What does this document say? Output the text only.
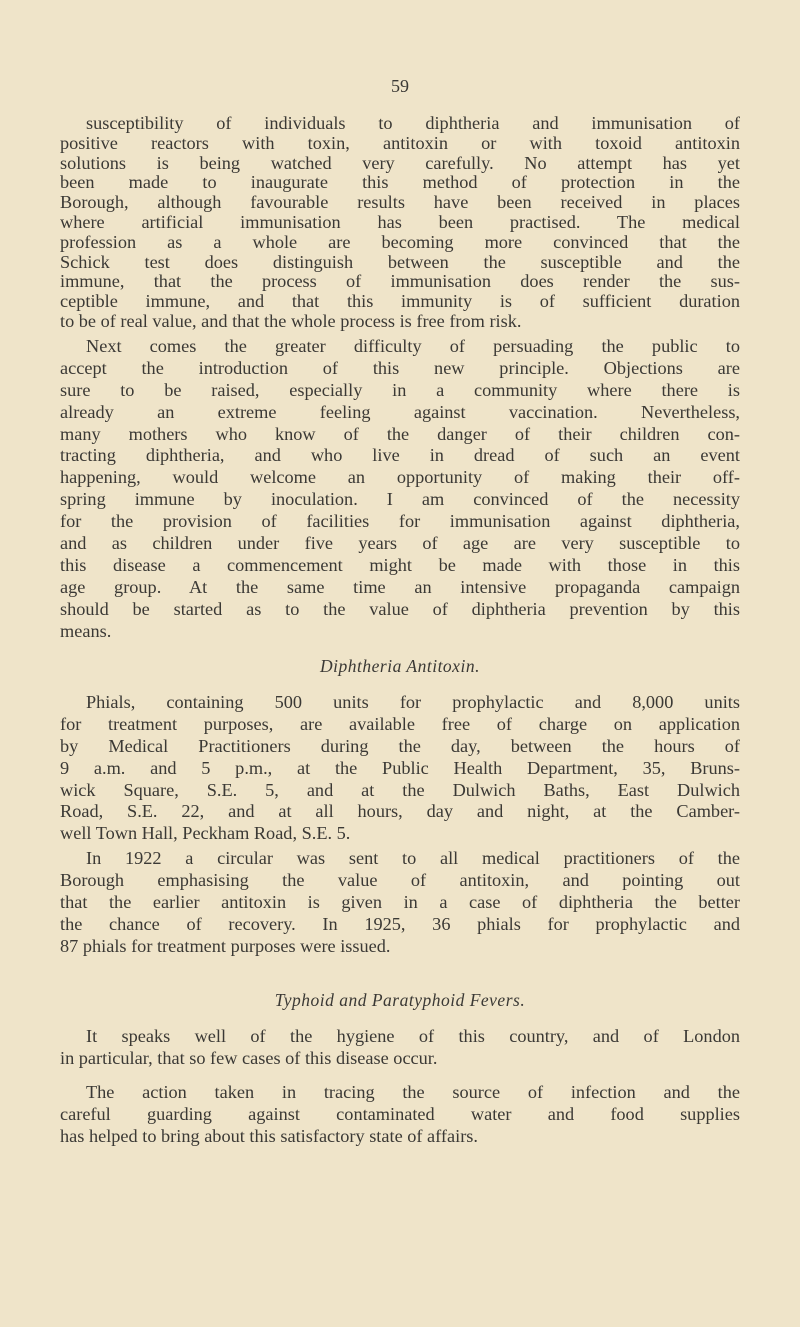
59
susceptibility of individuals to diphtheria and immunisation of
positive reactors with toxin, antitoxin or with toxoid antitoxin
solutions is being watched very carefully. No attempt has yet
been made to inaugurate this method of protection in the
Borough, although favourable results have been received in places
where artificial immunisation has been practised. The medical
profession as a whole are becoming more convinced that the
Schick test does distinguish between the susceptible and the
immune, that the process of immunisation does render the sus-
ceptible immune, and that this immunity is of sufficient duration
to be of real value, and that the whole process is free from risk.
Next comes the greater difficulty of persuading the public to
accept the introduction of this new principle. Objections are
sure to be raised, especially in a community where there is
already an extreme feeling against vaccination. Nevertheless,
many mothers who know of the danger of their children con-
tracting diphtheria, and who live in dread of such an event
happening, would welcome an opportunity of making their off-
spring immune by inoculation. I am convinced of the necessity
for the provision of facilities for immunisation against diphtheria,
and as children under five years of age are very susceptible to
this disease a commencement might be made with those in this
age group. At the same time an intensive propaganda campaign
should be started as to the value of diphtheria prevention by this
means.
Diphtheria Antitoxin.
Phials, containing 500 units for prophylactic and 8,000 units
for treatment purposes, are available free of charge on application
by Medical Practitioners during the day, between the hours of
9 a.m. and 5 p.m., at the Public Health Department, 35, Bruns-
wick Square, S.E. 5, and at the Dulwich Baths, East Dulwich
Road, S.E. 22, and at all hours, day and night, at the Camber-
well Town Hall, Peckham Road, S.E. 5.
In 1922 a circular was sent to all medical practitioners of the
Borough emphasising the value of antitoxin, and pointing out
that the earlier antitoxin is given in a case of diphtheria the better
the chance of recovery. In 1925, 36 phials for prophylactic and
87 phials for treatment purposes were issued.
Typhoid and Paratyphoid Fevers.
It speaks well of the hygiene of this country, and of London
in particular, that so few cases of this disease occur.
The action taken in tracing the source of infection and the
careful guarding against contaminated water and food supplies
has helped to bring about this satisfactory state of affairs.
